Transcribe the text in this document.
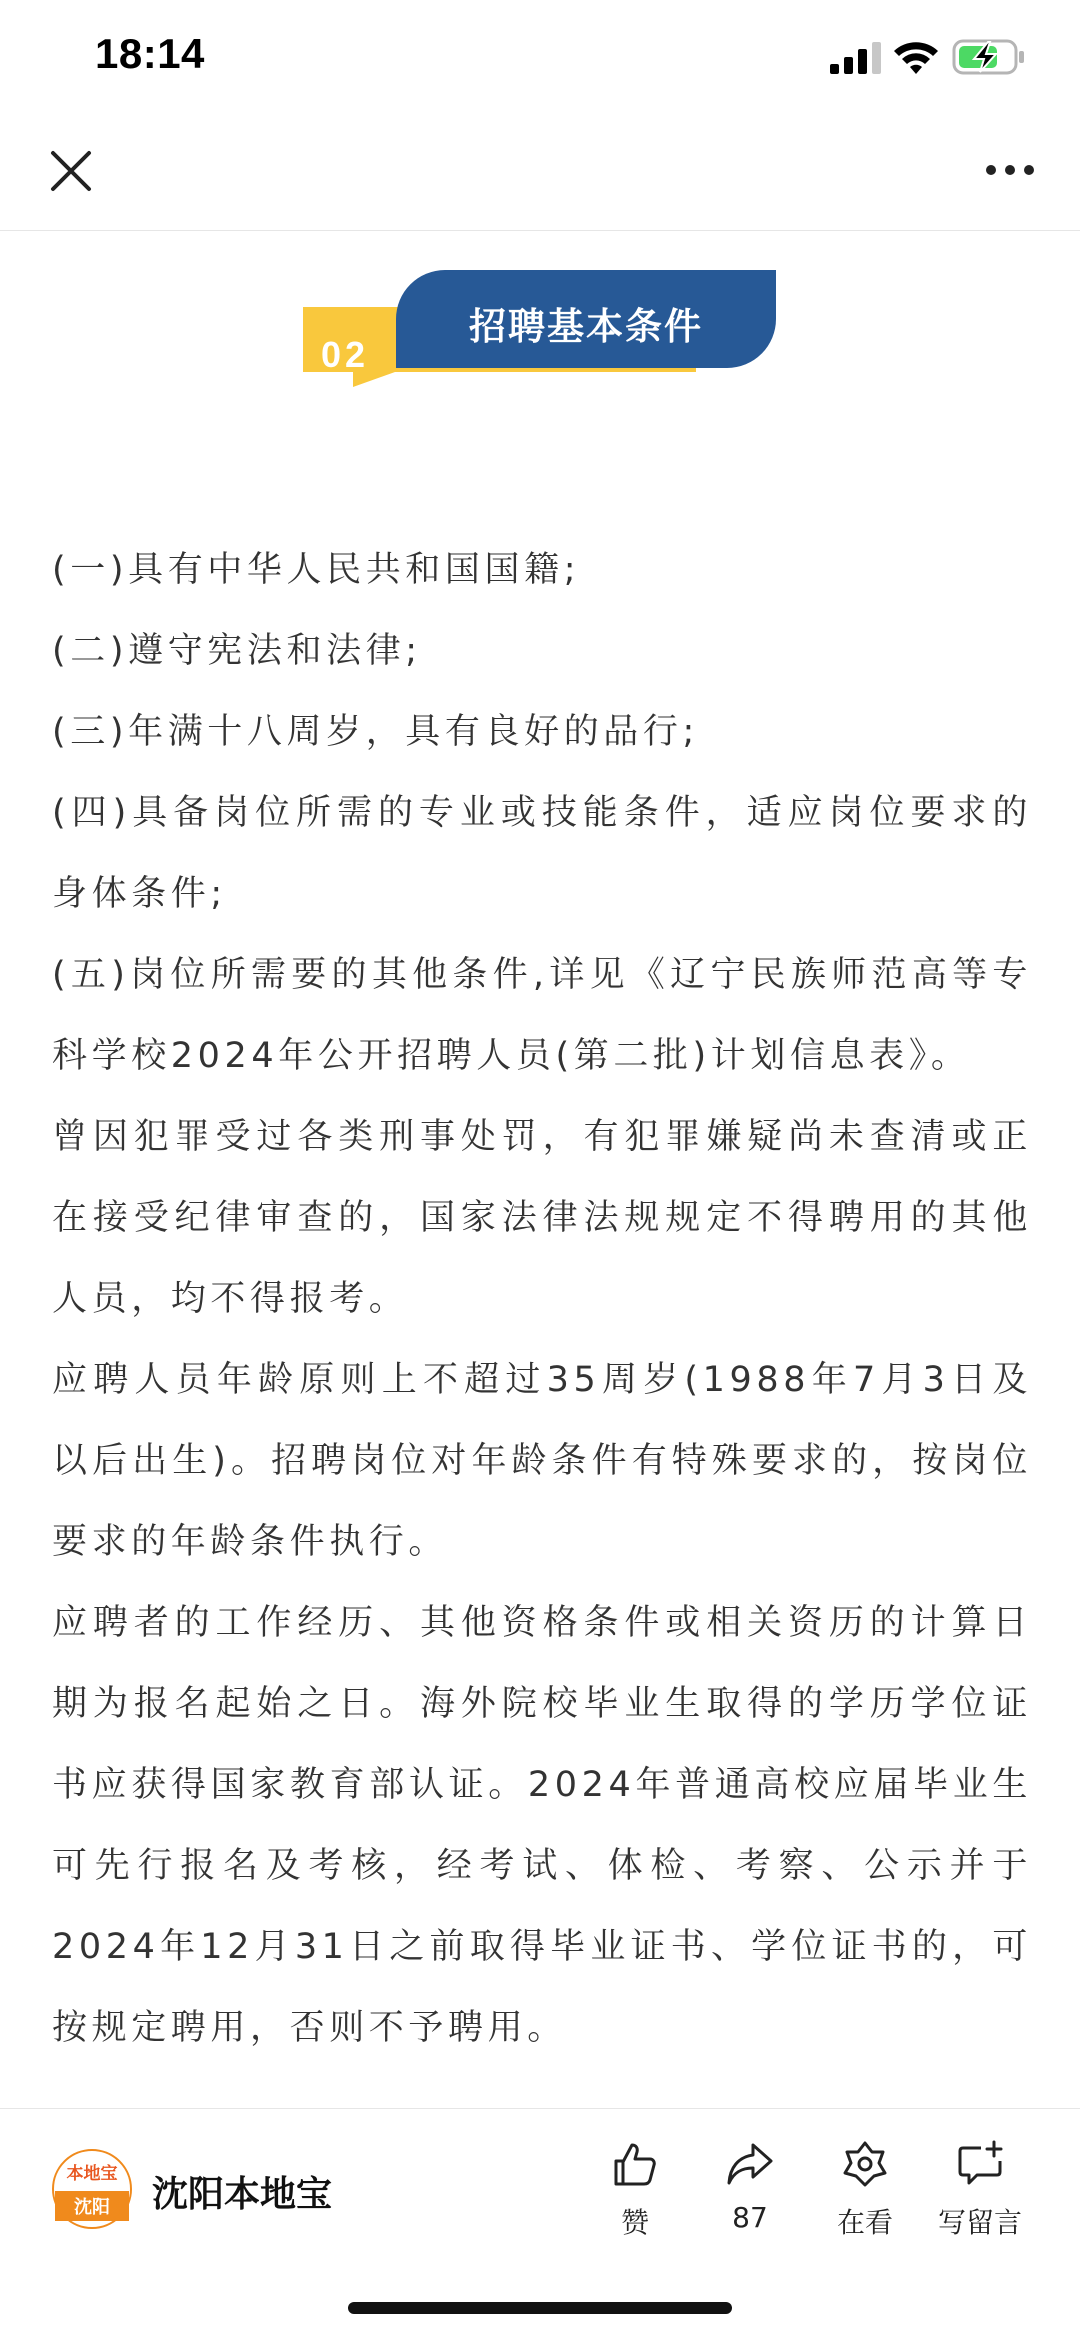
18:14
02
招聘基本条件

(一)具有中华人民共和国国籍;

(二)遵守宪法和法律;

(三)年满十八周岁，具有良好的品行;

(四)具备岗位所需的专业或技能条件，适应岗位要求的身体条件;

(五)岗位所需要的其他条件,详见《辽宁民族师范高等专科学校2024年公开招聘人员(第二批)计划信息表》。

曾因犯罪受过各类刑事处罚，有犯罪嫌疑尚未查清或正在接受纪律审查的，国家法律法规规定不得聘用的其他人员，均不得报考。

应聘人员年龄原则上不超过35周岁(1988年7月3日及以后出生)。招聘岗位对年龄条件有特殊要求的，按岗位要求的年龄条件执行。

应聘者的工作经历、其他资格条件或相关资历的计算日期为报名起始之日。海外院校毕业生取得的学历学位证书应获得国家教育部认证。2024年普通高校应届毕业生可先行报名及考核，经考试、体检、考察、公示并于2024年12月31日之前取得毕业证书、学位证书的，可按规定聘用，否则不予聘用。

本地宝
沈阳 沈阳本地宝
赞	87	在看	写留言
